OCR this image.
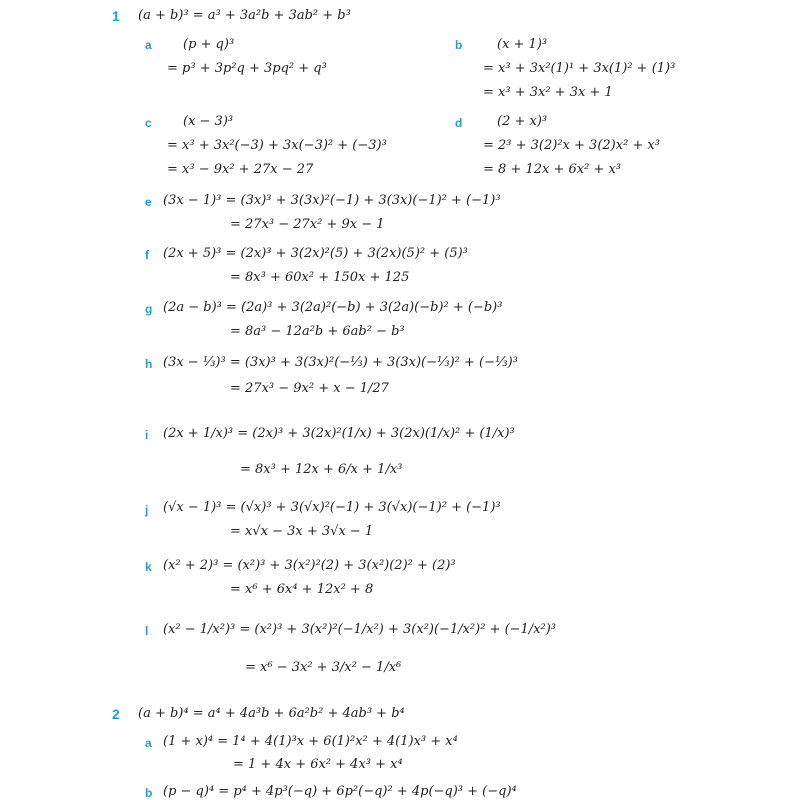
1 (a + b)³ = a³ + 3a²b + 3ab² + b³
a (p + q)³
= p³ + 3p²q + 3pq² + q³
b	(x + 1)³
= x³ + 3x²(1)¹ + 3x(1)² + (1)³
= x³ + 3x² + 3x + 1
c (x − 3)³
= x³ + 3x²(−3) + 3x(−3)² + (−3)³
= x³ − 9x² + 27x − 27
d	(2 + x)³
= 2³ + 3(2)²x + 3(2)x² + x³
= 8 + 12x + 6x² + x³
e (3x − 1)³ = (3x)³ + 3(3x)²(−1) + 3(3x)(−1)² + (−1)³
= 27x³ − 27x² + 9x − 1
f (2x + 5)³ = (2x)³ + 3(2x)²(5) + 3(2x)(5)² + (5)³
= 8x³ + 60x² + 150x + 125
g (2a − b)³ = (2a)³ + 3(2a)²(−b) + 3(2a)(−b)² + (−b)³
= 8a³ − 12a²b + 6ab² − b³
h (3x − ⅓)³ = (3x)³ + 3(3x)²(−⅓) + 3(3x)(−⅓)² + (−⅓)³
= 27x³ − 9x² + x − 1/27
i (2x + 1/x)³ = (2x)³ + 3(2x)²(1/x) + 3(2x)(1/x)² + (1/x)³
= 8x³ + 12x + 6/x + 1/x³
j (√x − 1)³ = (√x)³ + 3(√x)²(−1) + 3(√x)(−1)² + (−1)³
= x√x − 3x + 3√x − 1
k (x² + 2)³ = (x²)³ + 3(x²)²(2) + 3(x²)(2)² + (2)³
= x⁶ + 6x⁴ + 12x² + 8
l (x² − 1/x²)³ = (x²)³ + 3(x²)²(−1/x²) + 3(x²)(−1/x²)² + (−1/x²)³
= x⁶ − 3x² + 3/x² − 1/x⁶
2 (a + b)⁴ = a⁴ + 4a³b + 6a²b² + 4ab³ + b⁴
a (1 + x)⁴ = 1⁴ + 4(1)³x + 6(1)²x² + 4(1)x³ + x⁴
= 1 + 4x + 6x² + 4x³ + x⁴
b (p − q)⁴ = p⁴ + 4p³(−q) + 6p²(−q)² + 4p(−q)³ + (−q)⁴
